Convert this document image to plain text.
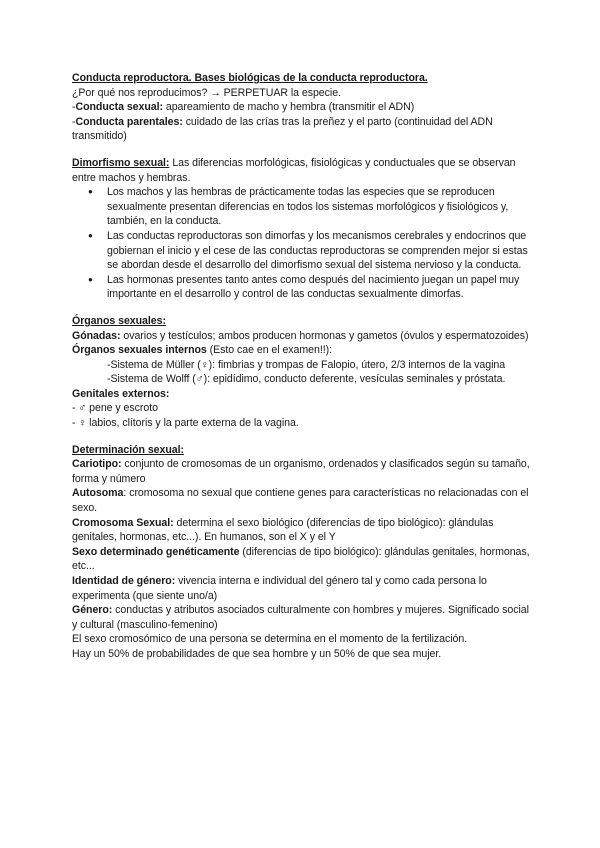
Conducta reproductora. Bases biológicas de la conducta reproductora.

¿Por qué nos reproducimos? → PERPETUAR la especie.

-Conducta sexual: apareamiento de macho y hembra (transmitir el ADN)

-Conducta parentales: cuidado de las crías tras la preñez y el parto (continuidad del ADN transmitido)

Dimorfismo sexual: Las diferencias morfológicas, fisiológicas y conductuales que se observan entre machos y hembras.

● Los machos y las hembras de prácticamente todas las especies que se reproducen sexualmente presentan diferencias en todos los sistemas morfológicos y fisiológicos y, también, en la conducta.
● Las conductas reproductoras son dimorfas y los mecanismos cerebrales y endocrinos que gobiernan el inicio y el cese de las conductas reproductoras se comprenden mejor si estas se abordan desde el desarrollo del dimorfismo sexual del sistema nervioso y la conducta.
● Las hormonas presentes tanto antes como después del nacimiento juegan un papel muy importante en el desarrollo y control de las conductas sexualmente dimorfas.

Órganos sexuales:

Gónadas: ovarios y testículos; ambos producen hormonas y gametos (óvulos y espermatozoides)

Órganos sexuales internos (Esto cae en el examen!!):

-Sistema de Müller (♀): fimbrias y trompas de Falopio, útero, 2/3 internos de la vagina

-Sistema de Wolff (♂): epidídimo, conducto deferente, vesículas seminales y próstata.

Genitales externos:

- ♂ pene y escroto

- ♀ labios, clítoris y la parte externa de la vagina.

Determinación sexual:

Cariotipo: conjunto de cromosomas de un organismo, ordenados y clasificados según su tamaño, forma y número

Autosoma: cromosoma no sexual que contiene genes para características no relacionadas con el sexo.

Cromosoma Sexual: determina el sexo biológico (diferencias de tipo biológico): glándulas genitales, hormonas, etc...). En humanos, son el X y el Y

Sexo determinado genéticamente (diferencias de tipo biológico): glándulas genitales, hormonas, etc...

Identidad de género: vivencia interna e individual del género tal y como cada persona lo experimenta (que siente uno/a)

Género: conductas y atributos asociados culturalmente con hombres y mujeres. Significado social y cultural (masculino-femenino)

El sexo cromosómico de una persona se determina en el momento de la fertilización.

Hay un 50% de probabilidades de que sea hombre y un 50% de que sea mujer.
